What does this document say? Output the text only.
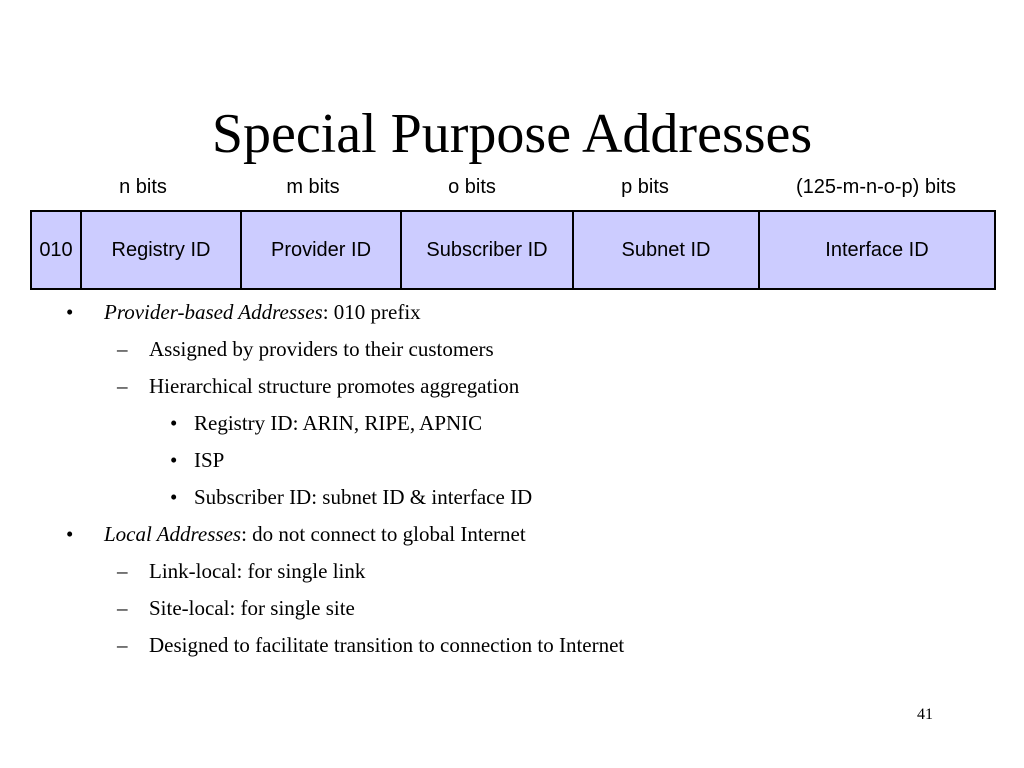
Special Purpose Addresses
n bits	m bits	o bits	p bits	(125-m-n-o-p) bits
010	Registry ID	Provider ID	Subscriber ID	Subnet ID	Interface ID
• Provider-based Addresses: 010 prefix
– Assigned by providers to their customers
– Hierarchical structure promotes aggregation
• Registry ID: ARIN, RIPE, APNIC
• ISP
• Subscriber ID: subnet ID & interface ID
• Local Addresses: do not connect to global Internet
– Link-local: for single link
– Site-local: for single site
– Designed to facilitate transition to connection to Internet
41
